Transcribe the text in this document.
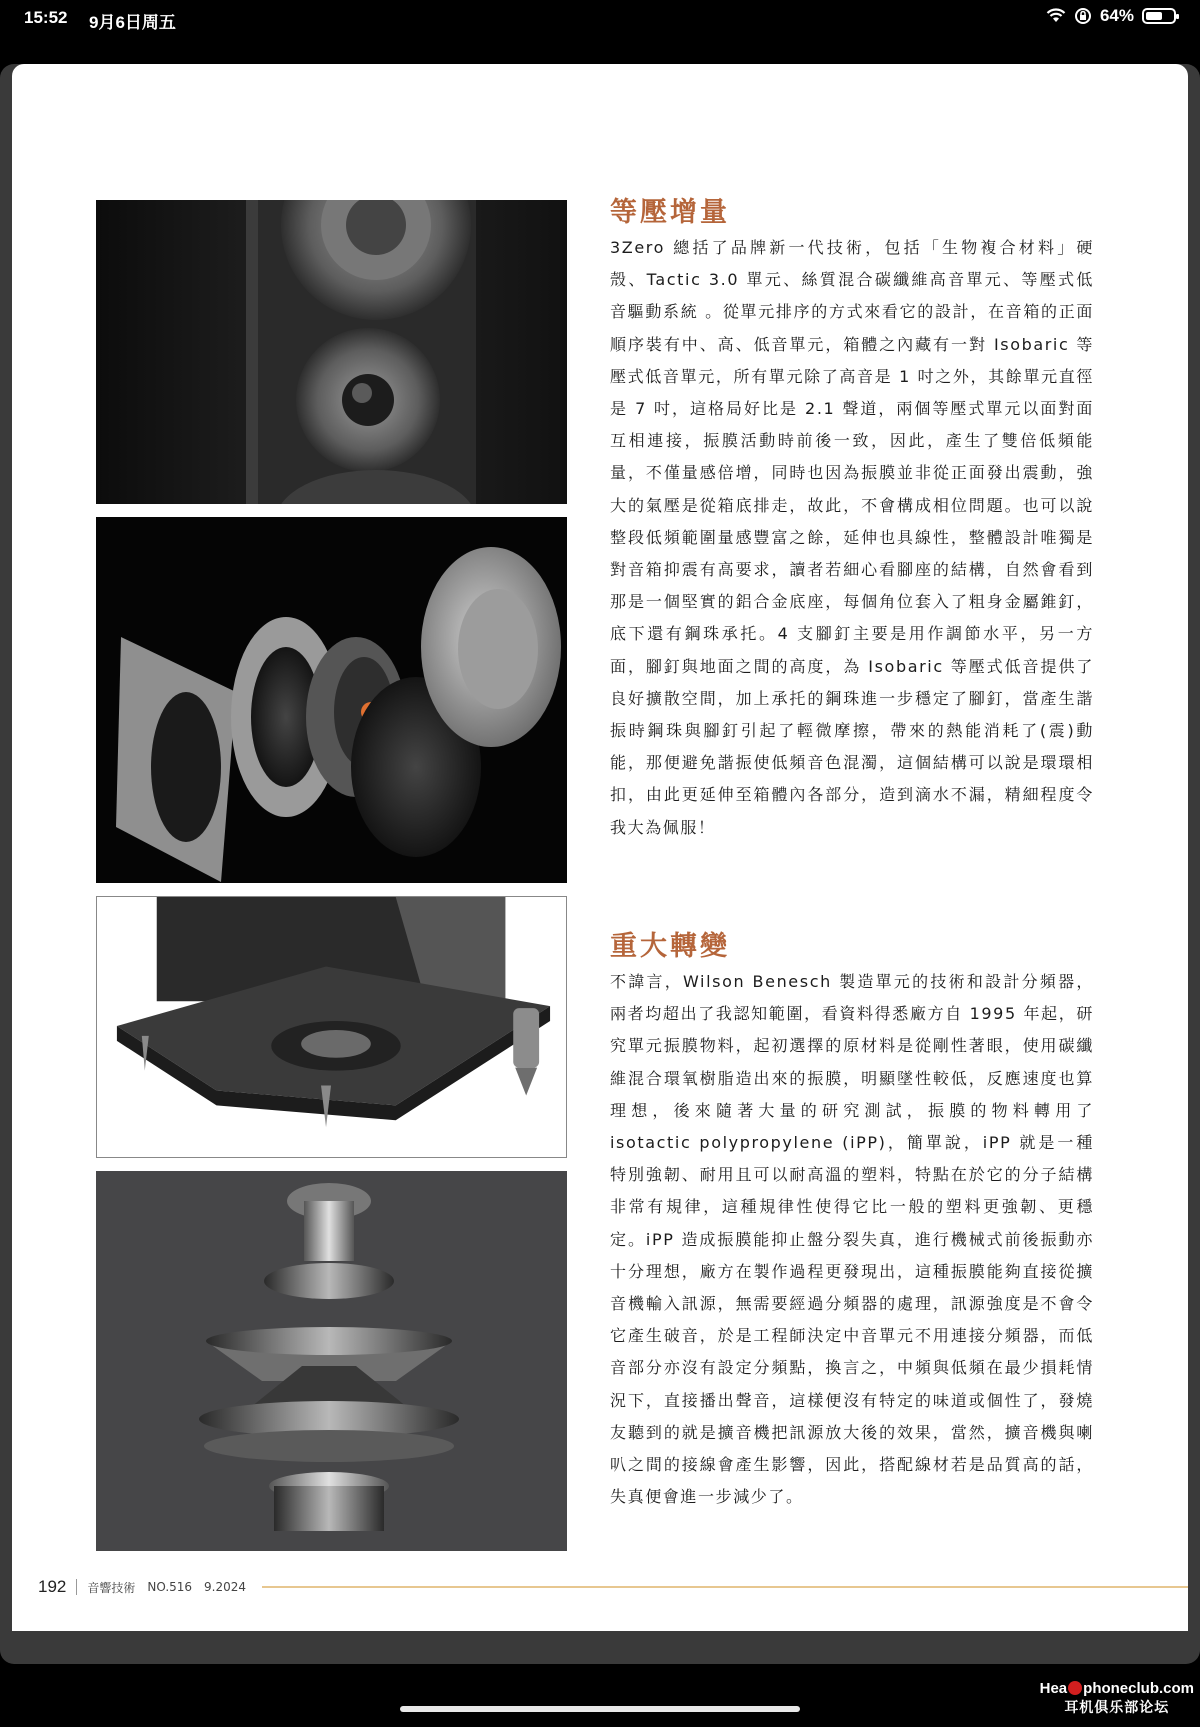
15:52 9月6日周五	64%
等壓增量

3Zero 總括了品牌新一代技術，包括「生物複合材料」硬殼、Tactic 3.0 單元、絲質混合碳纖維高音單元、等壓式低音驅動系統 。從單元排序的方式來看它的設計，在音箱的正面順序裝有中、高、低音單元，箱體之內藏有一對 Isobaric 等壓式低音單元，所有單元除了高音是 1 吋之外，其餘單元直徑是 7 吋，這格局好比是 2.1 聲道，兩個等壓式單元以面對面互相連接，振膜活動時前後一致，因此，產生了雙倍低頻能量，不僅量感倍增，同時也因為振膜並非從正面發出震動，強大的氣壓是從箱底排走，故此，不會構成相位問題。也可以說整段低頻範圍量感豐富之餘，延伸也具線性，整體設計唯獨是對音箱抑震有高要求，讀者若細心看腳座的結構，自然會看到那是一個堅實的鋁合金底座，每個角位套入了粗身金屬錐釘，底下還有鋼珠承托。4 支腳釘主要是用作調節水平，另一方面，腳釘與地面之間的高度，為 Isobaric 等壓式低音提供了良好擴散空間，加上承托的鋼珠進一步穩定了腳釘，當產生諧振時鋼珠與腳釘引起了輕微摩擦，帶來的熱能消耗了(震)動能，那便避免諧振使低頻音色混濁，這個結構可以說是環環相扣，由此更延伸至箱體內各部分，造到滴水不漏，精細程度令我大為佩服！

重大轉變

不諱言，Wilson Benesch 製造單元的技術和設計分頻器，兩者均超出了我認知範圍，看資料得悉廠方自 1995 年起，研究單元振膜物料，起初選擇的原材料是從剛性著眼，使用碳纖維混合環氧樹脂造出來的振膜，明顯墜性較低，反應速度也算理想，後來隨著大量的研究測試，振膜的物料轉用了 isotactic polypropylene (iPP)，簡單說，iPP 就是一種特別強韌、耐用且可以耐高溫的塑料，特點在於它的分子結構非常有規律，這種規律性使得它比一般的塑料更強韌、更穩定。iPP 造成振膜能抑止盤分裂失真，進行機械式前後振動亦十分理想，廠方在製作過程更發現出，這種振膜能夠直接從擴音機輸入訊源，無需要經過分頻器的處理，訊源強度是不會令它產生破音，於是工程師決定中音單元不用連接分頻器，而低音部分亦沒有設定分頻點，換言之，中頻與低頻在最少損耗情況下，直接播出聲音，這樣便沒有特定的味道或個性了，發燒友聽到的就是擴音機把訊源放大後的效果，當然，擴音機與喇叭之間的接線會產生影響，因此，搭配線材若是品質高的話，失真便會進一步減少了。

192 音響技術 NO.516 9.2024
Hea phoneclub.com
耳机俱乐部论坛
